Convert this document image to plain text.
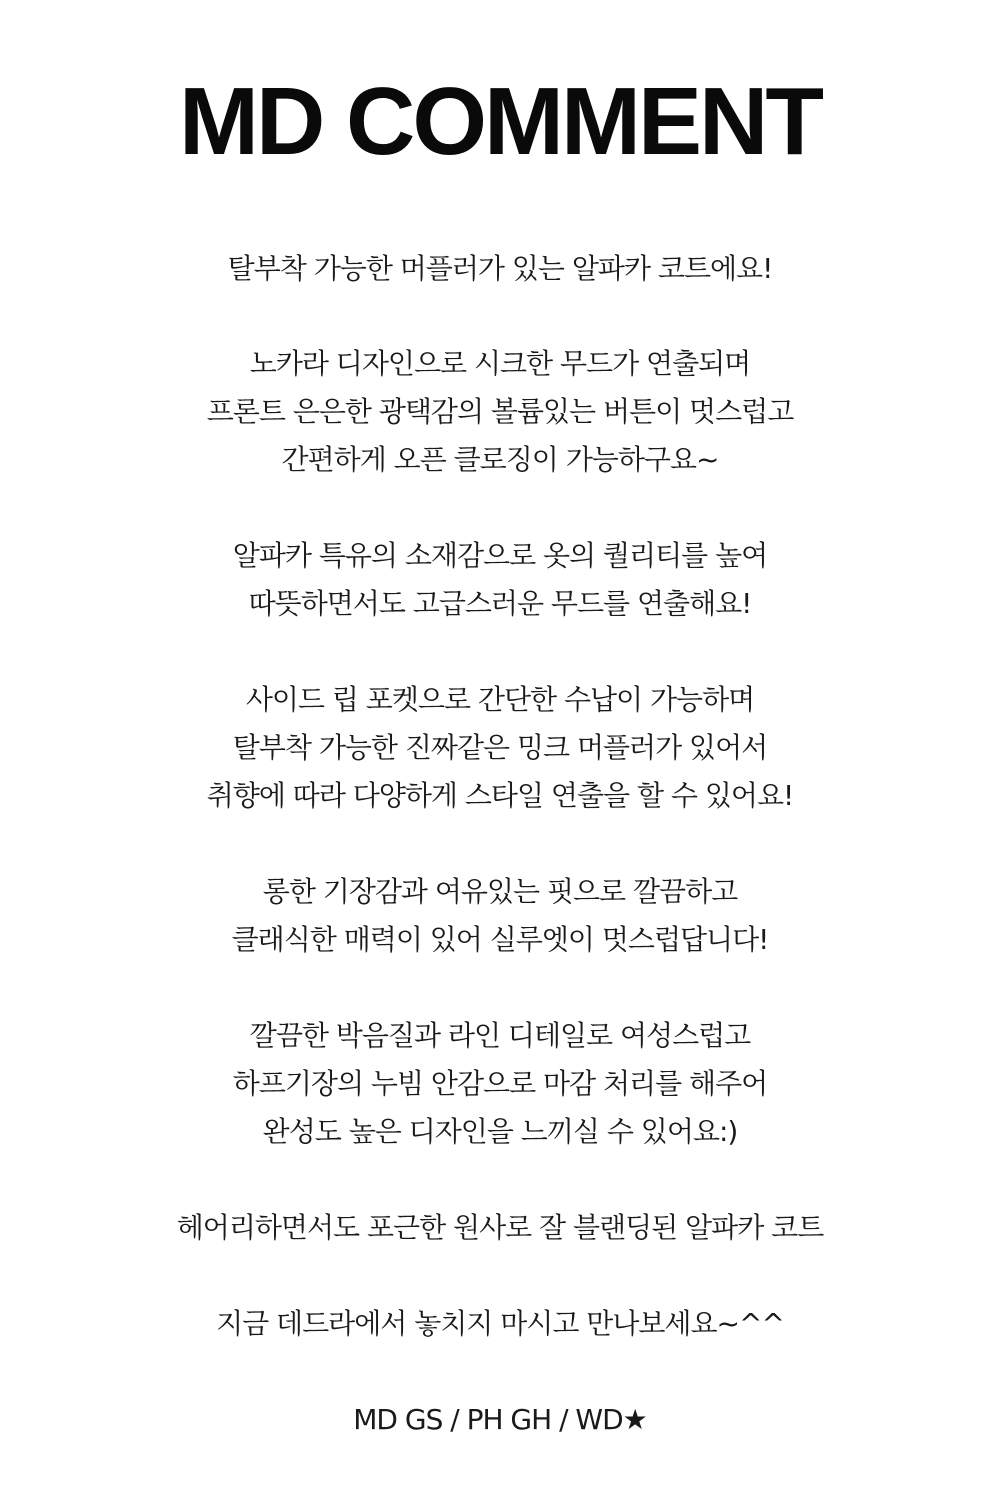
MD COMMENT
탈부착 가능한 머플러가 있는 알파카 코트에요!
노카라 디자인으로 시크한 무드가 연출되며
프론트 은은한 광택감의 볼륨있는 버튼이 멋스럽고
간편하게 오픈 클로징이 가능하구요~
알파카 특유의 소재감으로 옷의 퀄리티를 높여
따뜻하면서도 고급스러운 무드를 연출해요!
사이드 립 포켓으로 간단한 수납이 가능하며
탈부착 가능한 진짜같은 밍크 머플러가 있어서
취향에 따라 다양하게 스타일 연출을 할 수 있어요!
롱한 기장감과 여유있는 핏으로 깔끔하고
클래식한 매력이 있어 실루엣이 멋스럽답니다!
깔끔한 박음질과 라인 디테일로 여성스럽고
하프기장의 누빔 안감으로 마감 처리를 해주어
완성도 높은 디자인을 느끼실 수 있어요:)
헤어리하면서도 포근한 원사로 잘 블랜딩된 알파카 코트
지금 데드라에서 놓치지 마시고 만나보세요~^^
MD GS / PH GH / WD★
